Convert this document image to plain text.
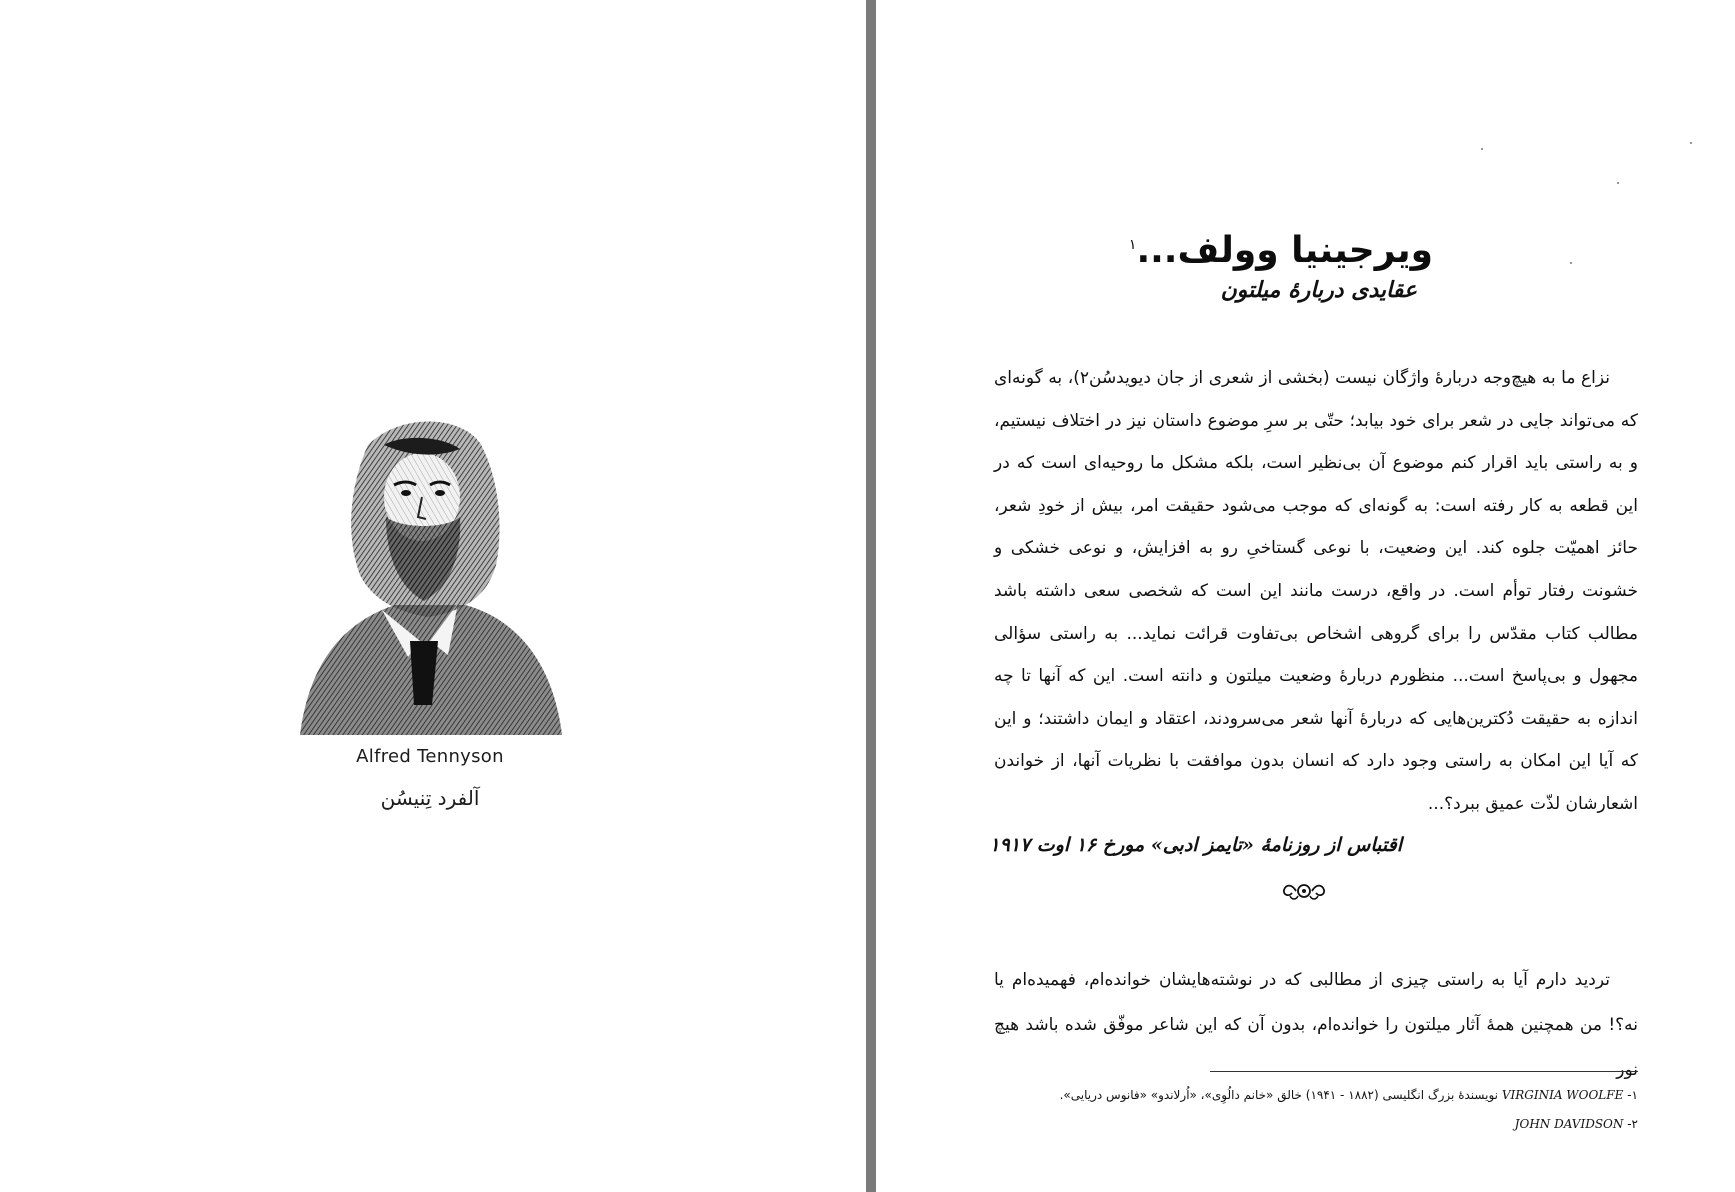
Alfred Tennyson
آلفرد تِنیسُن
ویرجینیا وولف...$^۱$
عقایدی دربارهٔ میلتون

نزاع ما به هیچ‌وجه دربارهٔ واژگان نیست (بخشی از شعری از جان دیویدسُن۲)، به گونه‌ای که می‌تواند جایی در شعر برای خود بیابد؛ حتّی بر سرِ موضوع داستان نیز در اختلاف نیستیم، و به راستی باید اقرار کنم موضوع آن بی‌نظیر است، بلکه مشکل ما روحیه‌ای است که در این قطعه به کار رفته است: به گونه‌ای که موجب می‌شود حقیقت امر، بیش از خودِ شعر، حائز اهمیّت جلوه کند. این وضعیت، با نوعی گستاخیِ رو به افزایش، و نوعی خشکی و خشونت رفتار توأم است. در واقع، درست مانند این است که شخصی سعی داشته باشد مطالب کتاب مقدّس را برای گروهی اشخاص بی‌تفاوت قرائت نماید... به راستی سؤالی مجهول و بی‌پاسخ است... منظورم دربارهٔ وضعیت میلتون و دانته است. این که آنها تا چه اندازه به حقیقت دُکترین‌هایی که دربارهٔ آنها شعر می‌سرودند، اعتقاد و ایمان داشتند؛ و این که آیا این امکان به راستی وجود دارد که انسان بدون موافقت با نظریات آنها، از خواندن اشعارشان لذّت عمیق ببرد؟...

اقتباس از روزنامهٔ «تایمز ادبی» مورخ ۱۶ اوت ۱۹۱۷

تردید دارم آیا به راستی چیزی از مطالبی که در نوشته‌هایشان خوانده‌ام، فهمیده‌ام یا نه؟! من همچنین همهٔ آثار میلتون را خوانده‌ام، بدون آن که این شاعر موفّق شده باشد هیچ نور

۱- VIRGINIA WOOLFE نویسندهٔ بزرگ انگلیسی (۱۸۸۲ - ۱۹۴۱) خالق «خانم دالُوِی»، «اُرلاندو» «فانوس دریایی».
۲- JOHN DAVIDSON
